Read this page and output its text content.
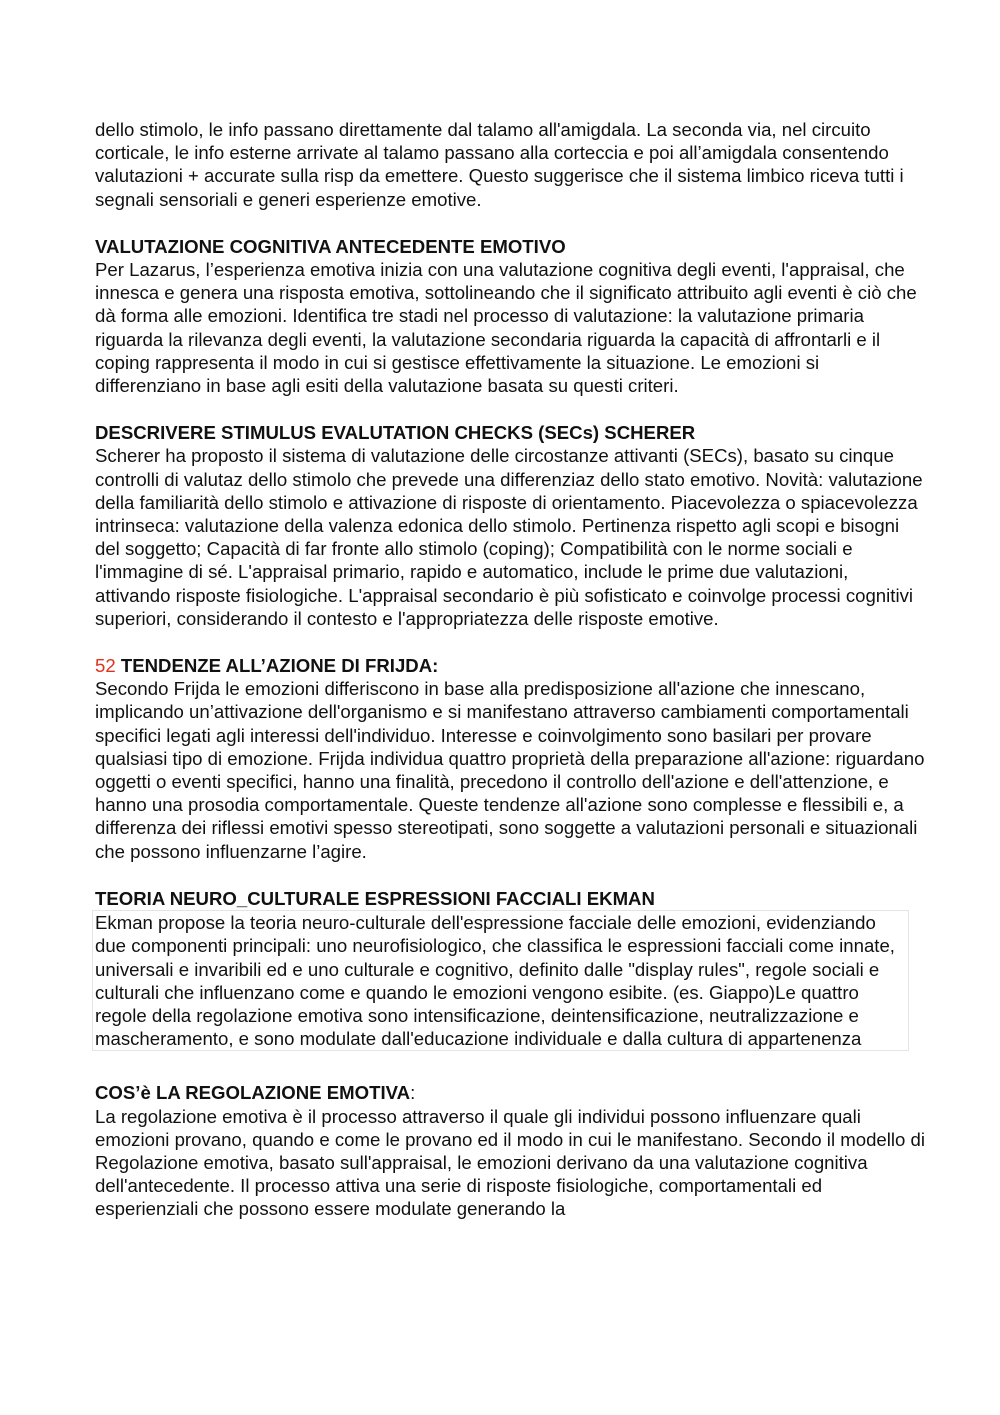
dello stimolo, le info passano direttamente dal talamo all'amigdala. La seconda via, nel circuito corticale, le info esterne arrivate al talamo passano alla cortеccia e poi all’amigdala consentendo valutazioni + accurate sulla risp da emettere. Questo suggerisce che il sistema limbico riceva tutti i segnali sensoriali e generi esperienze emotive.

VALUTAZIONE COGNITIVA ANTECEDENTE EMOTIVO

Per Lazarus, l’esperienza emotiva inizia con una valutazione cognitiva degli eventi, l'appraisal, che innesca e genera una risposta emotiva, sottolineando che il significato attribuito agli eventi è ciò che dà forma alle emozioni. Identifica tre stadi nel processo di valutazione: la valutazione primaria riguarda la rilevanza degli eventi, la valutazione secondaria riguarda la capacità di affrontarli e il coping rappresenta il modo in cui si gestisce effettivamente la situazione. Le emozioni si differenziano in base agli esiti della valutazione basata su questi criteri.

DESCRIVERE STIMULUS EVALUTATION CHECKS (SECs) SCHERER

Scherer ha proposto il sistema di valutazione delle circostanze attivanti (SECs), basato su cinque controlli di valutaz dello stimolo che prevede una differenziaz dello stato emotivo. Novità: valutazione della familiarità dello stimolo e attivazione di risposte di orientamento. Piacevolezza o spiacevolezza intrinseca: valutazione della valenza edonica dello stimolo. Pertinenza rispetto agli scopi e bisogni del soggetto; Capacità di far fronte allo stimolo (coping); Compatibilità con le norme sociali e l'immagine di sé. L'appraisal primario, rapido e automatico, include le prime due valutazioni, attivando risposte fisiologiche. L'appraisal secondario è più sofisticato e coinvolge processi cognitivi superiori, considerando il contesto e l'appropriatezza delle risposte emotive.

52 TENDENZE ALL’AZIONE DI FRIJDA:

Secondo Frijda le emozioni differiscono in base alla predisposizione all'azione che innescano, implicando un’attivazione dell'organismo e si manifestano attraverso cambiamenti comportamentali specifici legati agli interessi dell'individuo. Interesse e coinvolgimento sono basilari per provare qualsiasi tipo di emozione. Frijda individua quattro proprietà della preparazione all'azione: riguardano oggetti o eventi specifici, hanno una finalità, precedono il controllo dell'azione e dell'attenzione, e hanno una prosodia comportamentale. Queste tendenze all'azione sono complesse e flessibili e, a differenza dei riflessi emotivi spesso stereotipati, sono soggette a valutazioni personali e situazionali che possono influenzarne l’agire.

TEORIA NEURO_CULTURALE ESPRESSIONI FACCIALI EKMAN

Ekman propose la teoria neuro-culturale dell'espressione facciale delle emozioni, evidenziando due componenti principali: uno neurofisiologico, che classifica le espressioni facciali come innate, universali e invaribili ed e uno culturale e cognitivo, definito dalle "display rules", regole sociali e culturali che influenzano come e quando le emozioni vengono esibite. (es. Giappo)Le quattro regole della regolazione emotiva sono intensificazione, deintensificazione, neutralizzazione e mascheramento, e sono modulate dall'educazione individuale e dalla cultura di appartenenza

COS’è LA REGOLAZIONE EMOTIVA:

La regolazione emotiva è il processo attraverso il quale gli individui possono influenzare quali emozioni provano, quando e come le provano ed il modo in cui le manifestano. Secondo il modello di Regolazione emotiva, basato sull'appraisal, le emozioni derivano da una valutazione cognitiva dell'antecedente. Il processo attiva una serie di risposte fisiologiche, comportamentali ed esperienziali che possono essere modulate generando la
